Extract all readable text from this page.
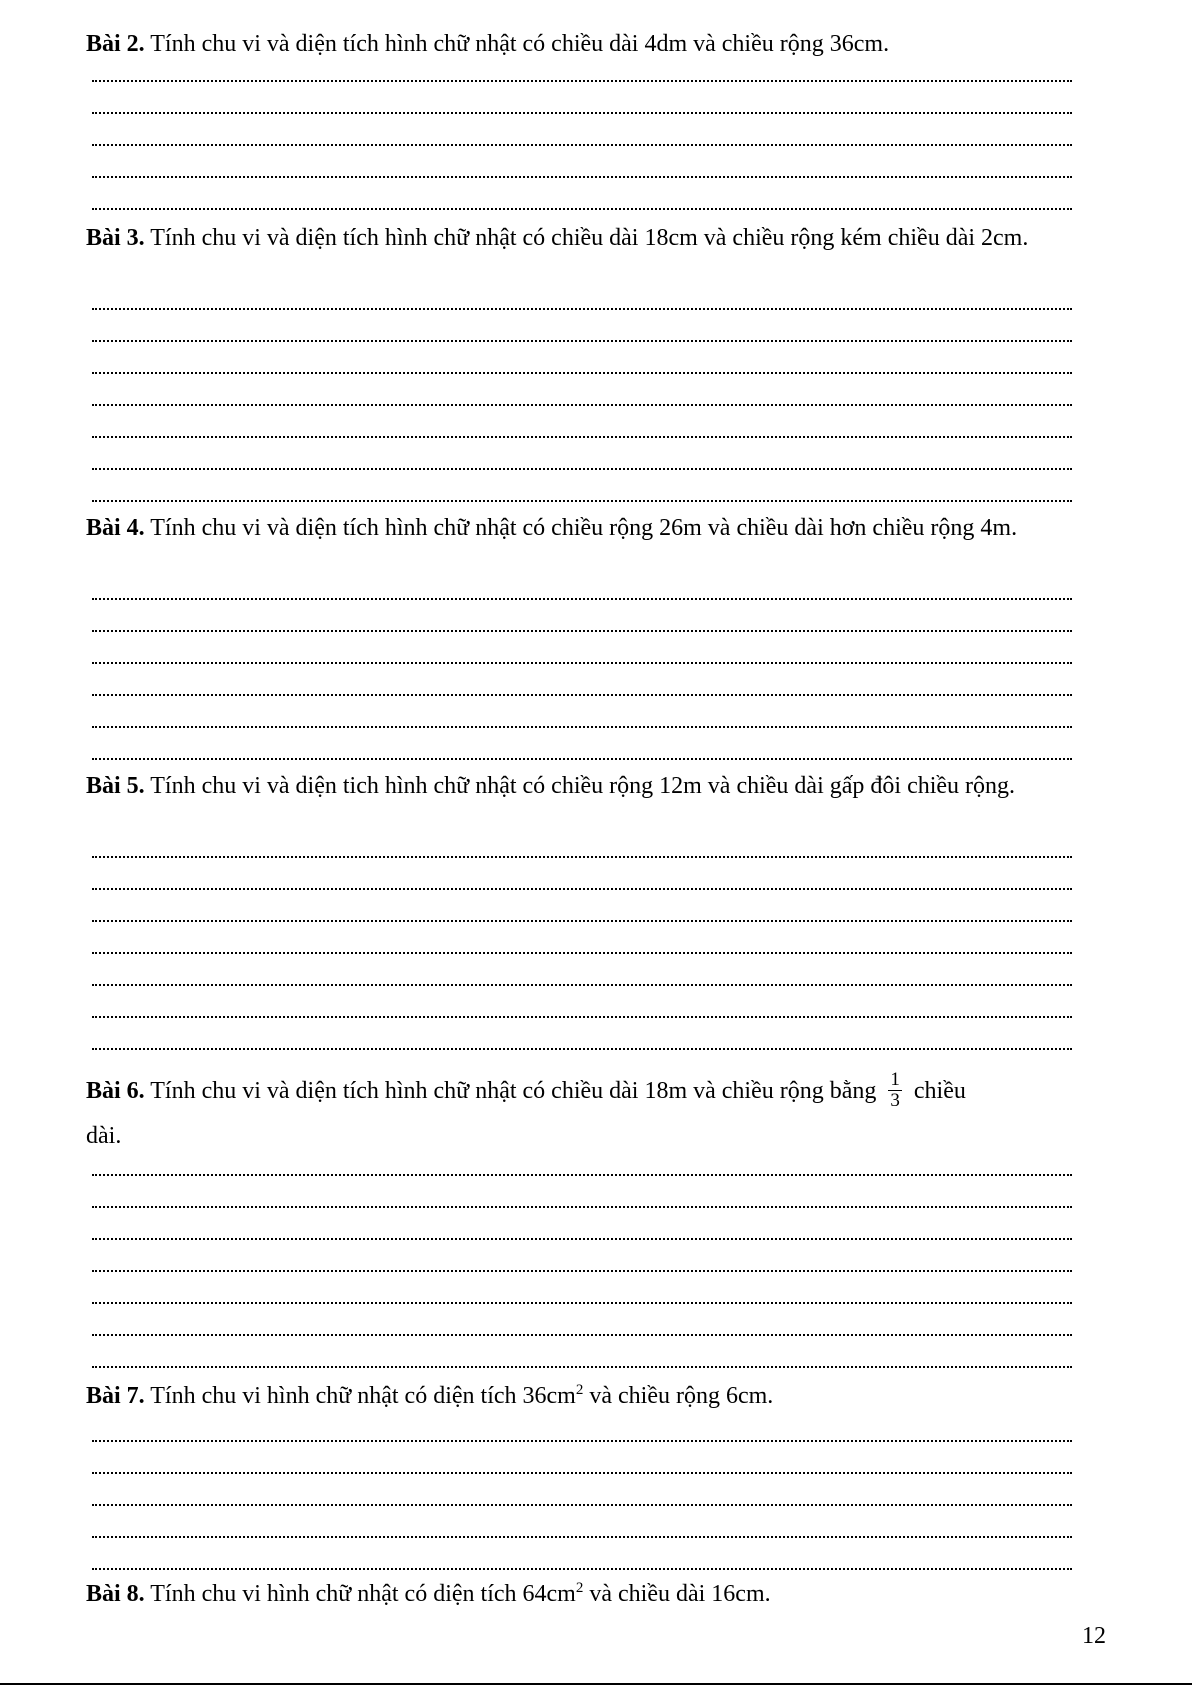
Bài 2. Tính chu vi và diện tích hình chữ nhật có chiều dài 4dm và chiều rộng 36cm.
Bài 3. Tính chu vi và diện tích hình chữ nhật có chiều dài 18cm và chiều rộng kém chiều dài 2cm.
Bài 4. Tính chu vi và diện tích hình chữ nhật có chiều rộng 26m và chiều dài hơn chiều rộng 4m.
Bài 5. Tính chu vi và diện tich hình chữ nhật có chiều rộng 12m và chiều dài gấp đôi chiều rộng.
Bài 6. Tính chu vi và diện tích hình chữ nhật có chiều dài 18m và chiều rộng bằng $\frac{1}{3}$ chiều
dài.
Bài 7. Tính chu vi hình chữ nhật có diện tích $36cm^2$ và chiều rộng 6cm.
Bài 8. Tính chu vi hình chữ nhật có diện tích $64cm^2$ và chiều dài 16cm.
12
